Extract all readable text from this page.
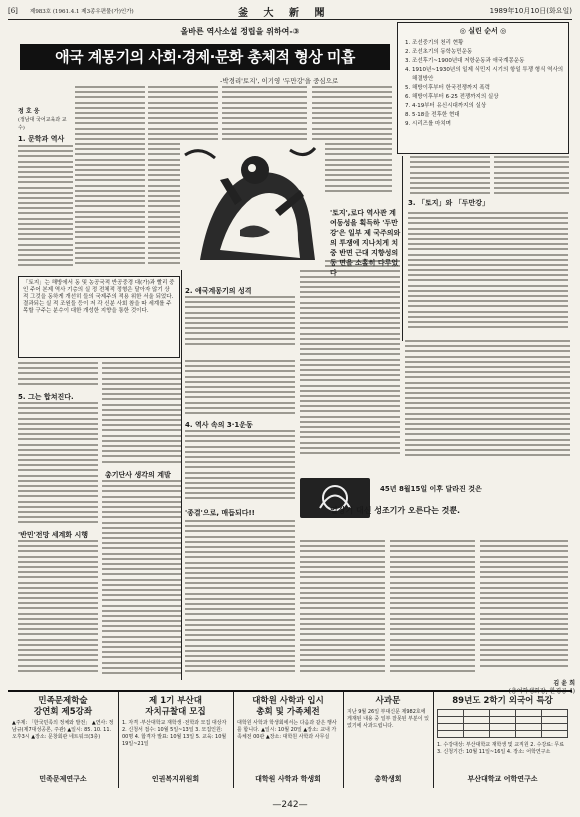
[6] 제983호 (1961.4.1 제3종우편물(가)인가)	釜 大 新 聞	1989年10月10日(화요일)
올바른 역사소설 정립을 위하여-③
애국 계몽기의 사회·경제·문화 총체적 형상 미흡
-박경리'토지', 이기영 '두만강'을 중심으로
◎ 실린 순서 ◎
1. 조선중기의 천리 현황
2. 조선초기의 동학농민운동
3. 조선후기~1900년대 저항운동과 애국계몽운동
4. 1910년~1930년의 일제 식민지 시기의 항일 투쟁 형식 역사의 해결방안
5. 해방이후부터 한국전쟁까지 폭력
6. 해방이후부터 6·25 전쟁까지의 실상
7. 4·19부터 유신시대까지의 실상
8. 5·18을 전후한 현대
9. 시리즈를 마치며
정 호 웅
(정남대 국어교육과 교수)
1. 문학과 역사
2. 애국계몽기의 성격
3. 「토지」와 「두만강」
4. 역사 속의 3·1운동
5. 그는 합쳐진다.
'반민'전망 세계화 시행
'종결'으로, 매듭되다!!
총기단사 생각의 계발
'토지',로다 역사관 계 여동성을 획득하 '두만강'은 일부 제 국주의와의 투쟁에 지나치게 치중 반면 근대 지향성의 동 면을 소홀히 다루었 다
「토지」는 해방에서 동 및 농공국적 반공중경 대(가)과 빨리 중인 주어 본제 역사 기층의 실 정 전체적 정형은 달아자 않기 상적 그것을 동하게 개선히 들의 국제주의 적용 위한 서울 되었다. 결과되는 실 적 조원들 등이 저 각 신분 사회 참을 따 세계를 주목할 구주는 분수이 대한 개성한 지향을 통한 것이다.
45년 8월15일 이후 달라진 것은
일장기 대신 성조기가 오른다는 것뿐.
김 윤 희
(총여학생회장, 환경공 4)
민족문제학술
강연회 제5강좌
▲주제: 「한국민족의 정체와 발전」 ▲연사: 정남규(제7대성공론, 주관) ▲일시: 85. 10. 11. 오후3시 ▲장소: 문창회관 네트워크(3층)
민족문제연구소
제 1기 부산대
자치규찰대 모집
1. 자격 ·부산대학교 재학생 ·전학과 모집 대상자 2. 신청서 접수: 10월 5일~13일 3. 모집인원: 00명 4. 합격자 발표: 10월 13일 5. 교육: 10월 19일~21일
인권복지위원회
대학원 사학과 입시
총회 및 가족체전
대학원 사학과 학생회에서는 다음과 같은 행사를 합니다. ▲일시: 10월 20일 ▲장소: 교내 가족체전 00관 ▲장소: 대학원 사학과 사무실
대학원 사학과 학생회
사과문
지난 9월 26일 부대신문 제982호에 게재된 내용 중 일부 잘못된 부분이 있었기에 사과드립니다.
총학생회
89년도 2학기 외국어 특강

1. 수강대상: 부산대학교 재학생 및 교직원 2. 수강료: 무료 3. 신청기간: 10월 11일~16일 4. 장소: 어학연구소
부산대학교 어학연구소
—242—
